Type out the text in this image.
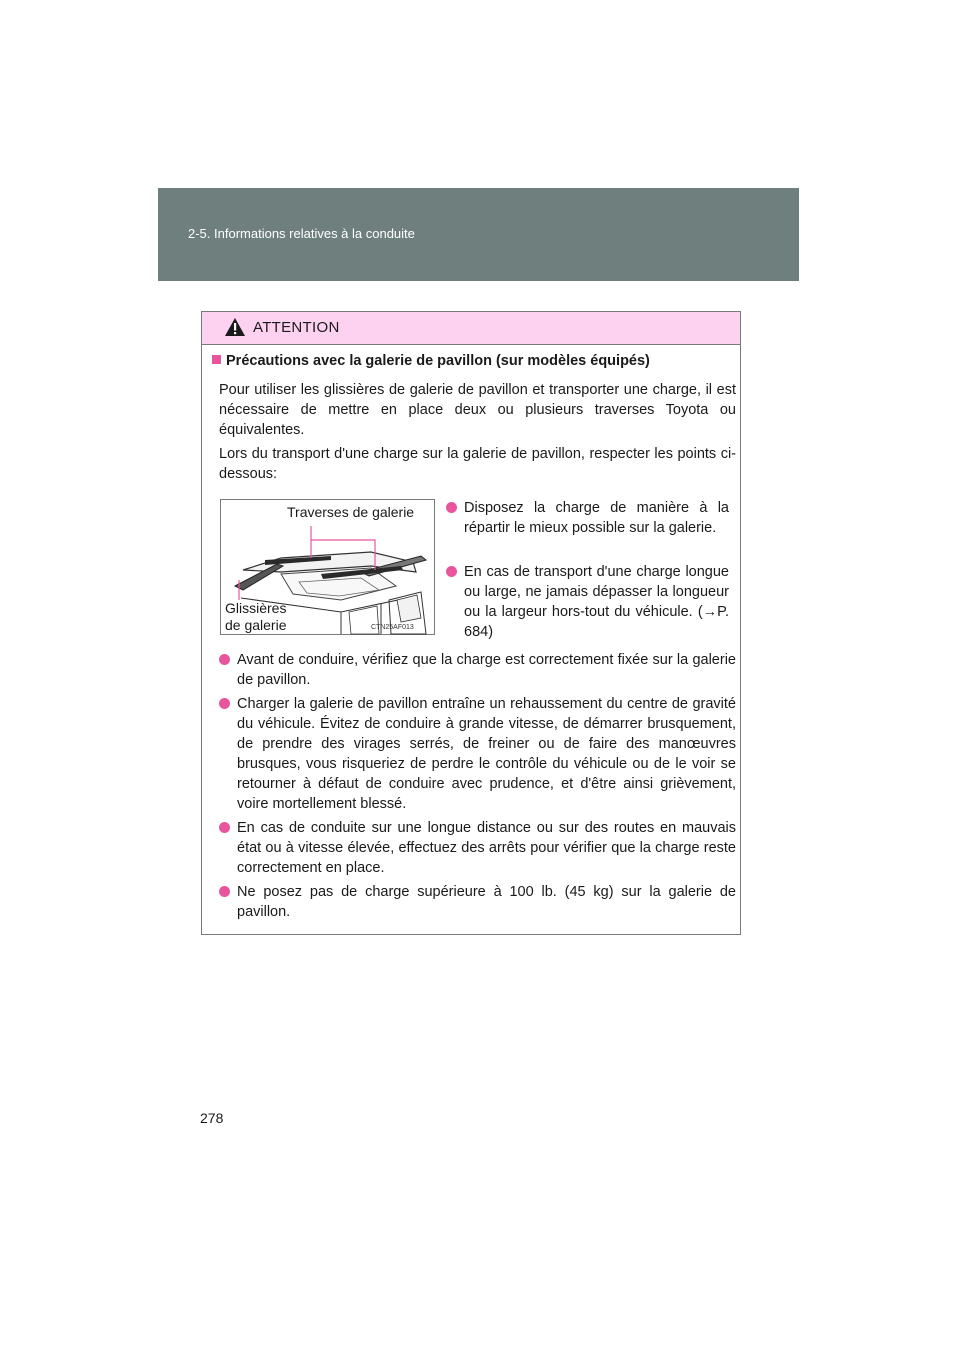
2-5. Informations relatives à la conduite
ATTENTION
Précautions avec la galerie de pavillon (sur modèles équipés)
Pour utiliser les glissières de galerie de pavillon et transporter une charge, il est nécessaire de mettre en place deux ou plusieurs traverses Toyota ou équivalentes.
Lors du transport d'une charge sur la galerie de pavillon, respecter les points ci-dessous:
Traverses de galerie
Glissières
de galerie	CTN25AF013
Disposez la charge de manière à la répartir le mieux possible sur la galerie.
En cas de transport d'une charge longue ou large, ne jamais dépasser la longueur ou la largeur hors-tout du véhicule. (→P. 684)
Avant de conduire, vérifiez que la charge est correctement fixée sur la galerie de pavillon.
Charger la galerie de pavillon entraîne un rehaussement du centre de gravité du véhicule. Évitez de conduire à grande vitesse, de démarrer brusquement, de prendre des virages serrés, de freiner ou de faire des manœuvres brusques, vous risqueriez de perdre le contrôle du véhicule ou de le voir se retourner à défaut de conduire avec prudence, et d'être ainsi grièvement, voire mortellement blessé.
En cas de conduite sur une longue distance ou sur des routes en mauvais état ou à vitesse élevée, effectuez des arrêts pour vérifier que la charge reste correctement en place.
Ne posez pas de charge supérieure à 100 lb. (45 kg) sur la galerie de pavillon.
278
